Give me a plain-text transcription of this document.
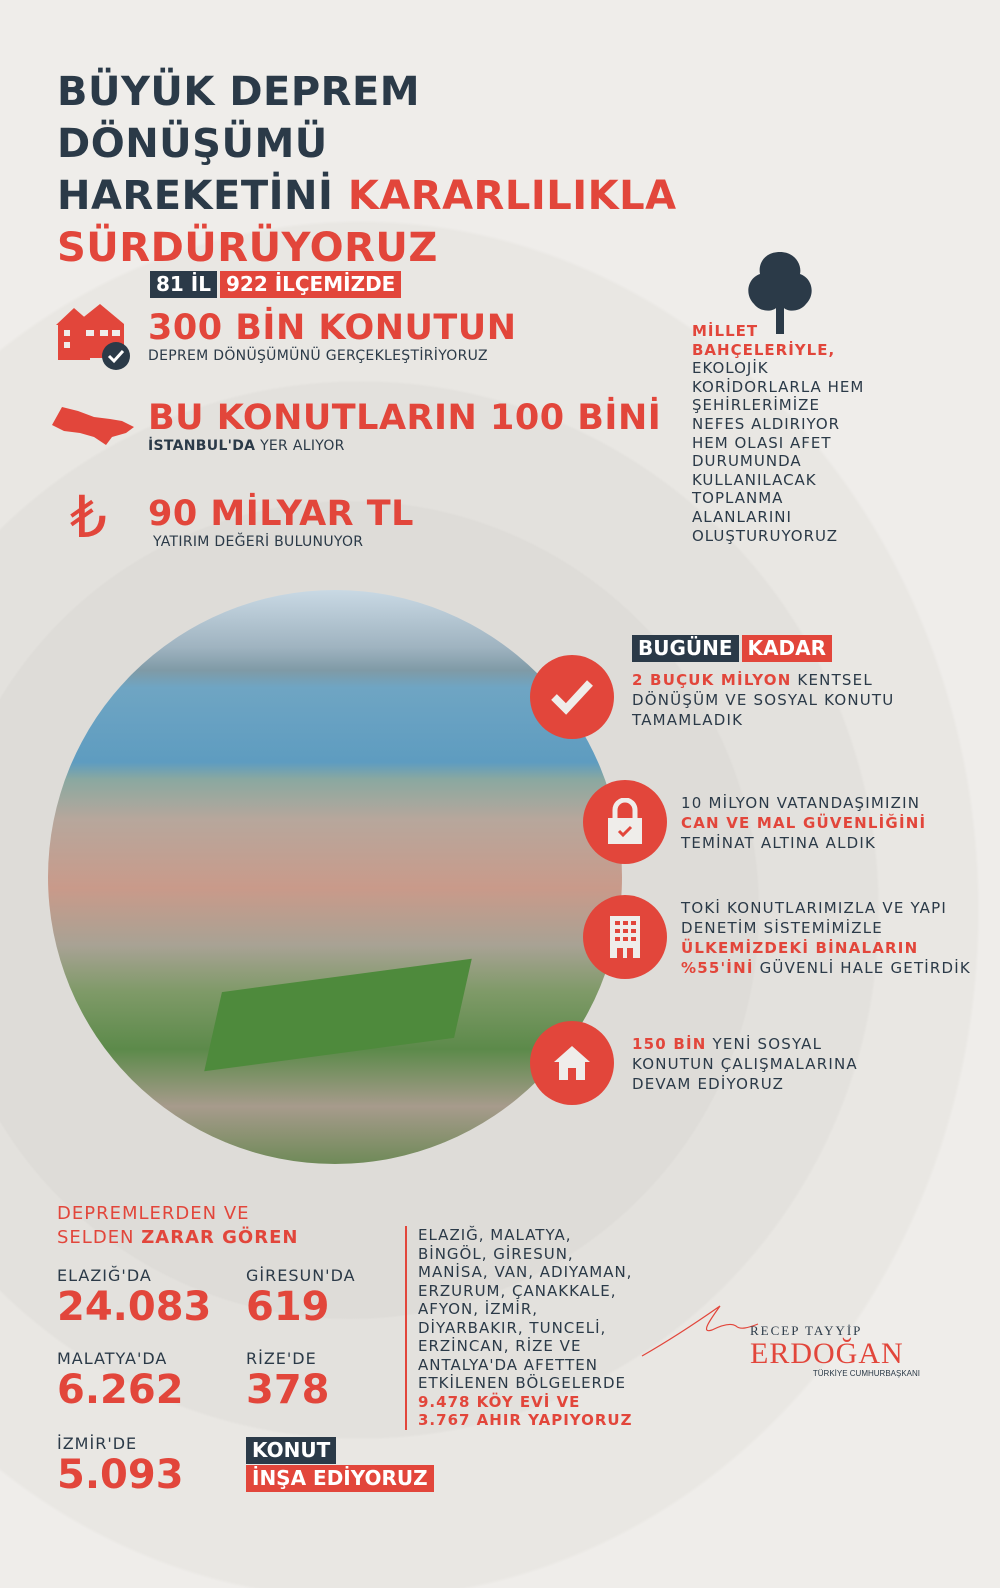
BÜYÜK DEPREM DÖNÜŞÜMÜ
HAREKETİNİ KARARLILIKLA
SÜRDÜRÜYORUZ
81 İL 922 İLÇEMİZDE
300 BİN KONUTUN
DEPREM DÖNÜŞÜMÜNÜ GERÇEKLEŞTİRİYORUZ
BU KONUTLARIN 100 BİNİ
İSTANBUL'DA YER ALIYOR
₺ 90 MİLYAR TL
YATIRIM DEĞERİ BULUNUYOR
MİLLET BAHÇELERİYLE, EKOLOJİK KORİDORLARLA HEM ŞEHİRLERİMİZE NEFES ALDIRIYOR HEM OLASI AFET DURUMUNDA KULLANILACAK TOPLANMA ALANLARINI OLUŞTURUYORUZ
BUGÜNE KADAR
2 BUÇUK MİLYON KENTSEL DÖNÜŞÜM VE SOSYAL KONUTU TAMAMLADIK
10 MİLYON VATANDAŞIMIZIN CAN VE MAL GÜVENLİĞİNİ TEMİNAT ALTINA ALDIK
TOKİ KONUTLARIMIZLA VE YAPI DENETİM SİSTEMİMİZLE ÜLKEMİZDEKİ BİNALARIN %55'İNİ GÜVENLİ HALE GETİRDİK
150 BİN YENİ SOSYAL KONUTUN ÇALIŞMALARINA DEVAM EDİYORUZ
DEPREMLERDEN VE
SELDEN ZARAR GÖREN
ELAZIĞ'DA
24.083
GİRESUN'DA
619
MALATYA'DA
6.262
RİZE'DE
378
İZMİR'DE
5.093
KONUT
İNŞA EDİYORUZ
ELAZIĞ, MALATYA, BİNGÖL, GİRESUN, MANİSA, VAN, ADIYAMAN, ERZURUM, ÇANAKKALE, AFYON, İZMİR, DİYARBAKIR, TUNCELİ, ERZİNCAN, RİZE VE ANTALYA'DA AFETTEN ETKİLENEN BÖLGELERDE 9.478 KÖY EVİ VE 3.767 AHIR YAPIYORUZ
RECEP TAYYİP
ERDOĞAN
TÜRKİYE CUMHURBAŞKANI
